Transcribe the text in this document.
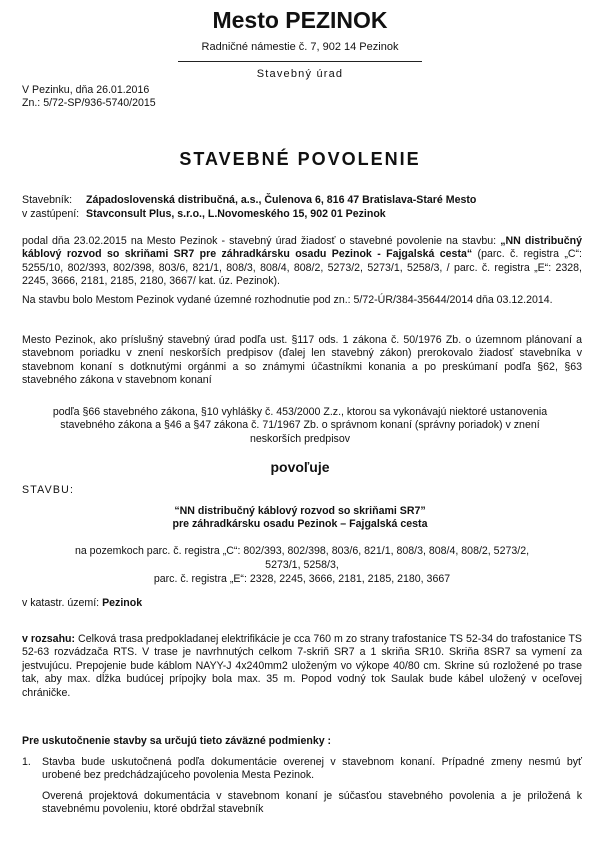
Mesto PEZINOK
Radničné námestie č. 7, 902 14 Pezinok
Stavebný úrad
V Pezinku, dňa 26.01.2016
Zn.: 5/72-SP/936-5740/2015
STAVEBNÉ POVOLENIE
Stavebník: Západoslovenská distribučná, a.s., Čulenova 6, 816 47 Bratislava-Staré Mesto
v zastúpení: Stavconsult Plus, s.r.o., L.Novomeského 15, 902 01 Pezinok
podal dňa 23.02.2015 na Mesto Pezinok - stavebný úrad žiadosť o stavebné povolenie na stavbu: „NN distribučný káblový rozvod so skriňami SR7 pre záhradkársku osadu Pezinok - Fajgalská cesta“ (parc. č. registra „C“: 5255/10, 802/393, 802/398, 803/6, 821/1, 808/3, 808/4, 808/2, 5273/2, 5273/1, 5258/3, / parc. č. registra „E“: 2328, 2245, 3666, 2181, 2185, 2180, 3667/ kat. úz. Pezinok).

Na stavbu bolo Mestom Pezinok vydané územné rozhodnutie pod zn.: 5/72-ÚR/384-35644/2014 dňa 03.12.2014.

Mesto Pezinok, ako príslušný stavebný úrad podľa ust. §117 ods. 1 zákona č. 50/1976 Zb. o územnom plánovaní a stavebnom poriadku v znení neskorších predpisov (ďalej len stavebný zákon) prerokovalo žiadosť stavebníka v stavebnom konaní s dotknutými orgánmi a so známymi účastníkmi konania a po preskúmaní podľa §62, §63 stavebného zákona v stavebnom konaní

podľa §66 stavebného zákona, §10 vyhlášky č. 453/2000 Z.z., ktorou sa vykonávajú niektoré ustanovenia stavebného zákona a §46 a §47 zákona č. 71/1967 Zb. o správnom konaní (správny poriadok) v znení neskorších predpisov

povoľuje
STAVBU:
“NN distribučný káblový rozvod so skriňami SR7”
pre záhradkársku osadu Pezinok – Fajgalská cesta
na pozemkoch parc. č. registra „C“: 802/393, 802/398, 803/6, 821/1, 808/3, 808/4, 808/2, 5273/2,
5273/1, 5258/3,
parc. č. registra „E“: 2328, 2245, 3666, 2181, 2185, 2180, 3667
v katastr. území: Pezinok
v rozsahu: Celková trasa predpokladanej elektrifikácie je cca 760 m zo strany trafostanice TS 52-34 do trafostanice TS 52-63 rozvádzača RTS. V trase je navrhnutých celkom 7-skriň SR7 a 1 skriňa SR10. Skriňa 8SR7 sa vymení za jestvujúcu. Prepojenie bude káblom NAYY-J 4x240mm2 uloženým vo výkope 40/80 cm. Skrine sú rozložené po trase tak, aby max. dĺžka budúcej prípojky bola max. 35 m. Popod vodný tok Saulak bude kábel uložený v oceľovej chráničke.
Pre uskutočnenie stavby sa určujú tieto záväzné podmienky :
1.	Stavba bude uskutočnená podľa dokumentácie overenej v stavebnom konaní. Prípadné zmeny nesmú byť urobené bez predchádzajúceho povolenia Mesta Pezinok.

Overená projektová dokumentácia v stavebnom konaní je súčasťou stavebného povolenia a je priložená k stavebnému povoleniu, ktoré obdržal stavebník
